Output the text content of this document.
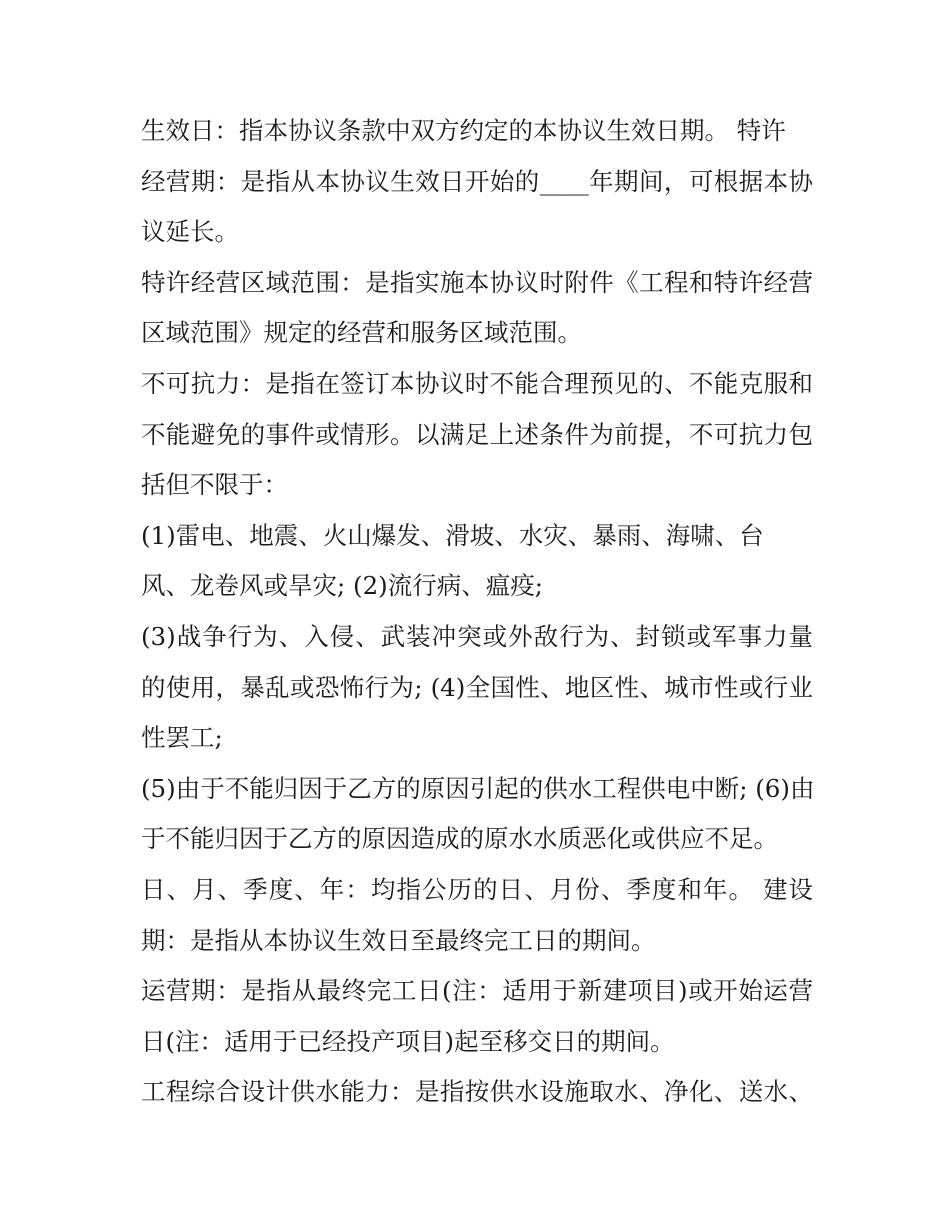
生效日：指本协议条款中双方约定的本协议生效日期。 特许
经营期：是指从本协议生效日开始的____年期间，可根据本协
议延长。
特许经营区域范围：是指实施本协议时附件《工程和特许经营
区域范围》规定的经营和服务区域范围。
不可抗力：是指在签订本协议时不能合理预见的、不能克服和
不能避免的事件或情形。以满足上述条件为前提，不可抗力包
括但不限于：
(1)雷电、地震、火山爆发、滑坡、水灾、暴雨、海啸、台
风、龙卷风或旱灾; (2)流行病、瘟疫;
(3)战争行为、入侵、武装冲突或外敌行为、封锁或军事力量
的使用，暴乱或恐怖行为; (4)全国性、地区性、城市性或行业
性罢工;
(5)由于不能归因于乙方的原因引起的供水工程供电中断; (6)由
于不能归因于乙方的原因造成的原水水质恶化或供应不足。
日、月、季度、年：均指公历的日、月份、季度和年。 建设
期：是指从本协议生效日至最终完工日的期间。
运营期：是指从最终完工日(注：适用于新建项目)或开始运营
日(注：适用于已经投产项目)起至移交日的期间。
工程综合设计供水能力：是指按供水设施取水、净化、送水、
